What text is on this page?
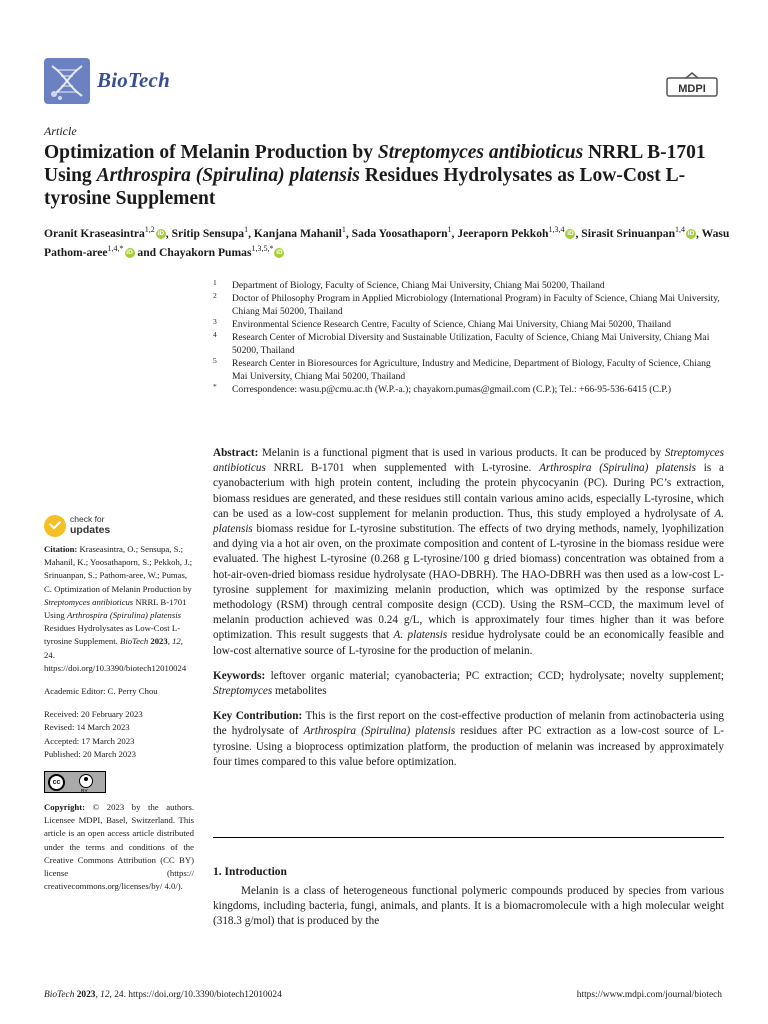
BioTech	MDPI
Article
Optimization of Melanin Production by Streptomyces antibioticus NRRL B-1701 Using Arthrospira (Spirulina) platensis Residues Hydrolysates as Low-Cost L-tyrosine Supplement
Oranit Kraseasintra$^{1,2}$ iD , Sritip Sensupa$^1$, Kanjana Mahanil$^1$, Sada Yoosathaporn$^1$, Jeeraporn Pekkoh$^{1,3,4}$ iD , Sirasit Srinuanpan$^{1,4}$ iD , Wasu Pathom-aree$^{1,4,*}$ iD and Chayakorn Pumas$^{1,3,5,*}$ iD
1 Department of Biology, Faculty of Science, Chiang Mai University, Chiang Mai 50200, Thailand
2 Doctor of Philosophy Program in Applied Microbiology (International Program) in Faculty of Science, Chiang Mai University, Chiang Mai 50200, Thailand
3 Environmental Science Research Centre, Faculty of Science, Chiang Mai University, Chiang Mai 50200, Thailand
4 Research Center of Microbial Diversity and Sustainable Utilization, Faculty of Science, Chiang Mai University, Chiang Mai 50200, Thailand
5 Research Center in Bioresources for Agriculture, Industry and Medicine, Department of Biology, Faculty of Science, Chiang Mai University, Chiang Mai 50200, Thailand
* Correspondence: wasu.p@cmu.ac.th (W.P.-a.); chayakorn.pumas@gmail.com (C.P.); Tel.: +66-95-536-6415 (C.P.)
check for
updates
Citation: Kraseasintra, O.; Sensupa, S.; Mahanil, K.; Yoosathaporn, S.; Pekkoh, J.; Srinuanpan, S.; Pathom-aree, W.; Pumas, C. Optimization of Melanin Production by Streptomyces antibioticus NRRL B-1701 Using Arthrospira (Spirulina) platensis Residues Hydrolysates as Low-Cost L-tyrosine Supplement. BioTech 2023, 12, 24. https://doi.org/10.3390/biotech12010024
Academic Editor: C. Perry Chou
Received: 20 February 2023
Revised: 14 March 2023
Accepted: 17 March 2023
Published: 20 March 2023
cc
BY
Copyright: © 2023 by the authors. Licensee MDPI, Basel, Switzerland. This article is an open access article distributed under the terms and conditions of the Creative Commons Attribution (CC BY) license (https:// creativecommons.org/licenses/by/ 4.0/).
Abstract: Melanin is a functional pigment that is used in various products. It can be produced by Streptomyces antibioticus NRRL B-1701 when supplemented with L-tyrosine. Arthrospira (Spirulina) platensis is a cyanobacterium with high protein content, including the protein phycocyanin (PC). During PC’s extraction, biomass residues are generated, and these residues still contain various amino acids, especially L-tyrosine, which can be used as a low-cost supplement for melanin production. Thus, this study employed a hydrolysate of A. platensis biomass residue for L-tyrosine substitution. The effects of two drying methods, namely, lyophilization and dying via a hot air oven, on the proximate composition and content of L-tyrosine in the biomass residue were evaluated. The highest L-tyrosine (0.268 g L-tyrosine/100 g dried biomass) concentration was obtained from a hot-air-oven-dried biomass residue hydrolysate (HAO-DBRH). The HAO-DBRH was then used as a low-cost L-tyrosine supplement for maximizing melanin production, which was optimized by the response surface methodology (RSM) through central composite design (CCD). Using the RSM–CCD, the maximum level of melanin production achieved was 0.24 g/L, which is approximately four times higher than it was before optimization. This result suggests that A. platensis residue hydrolysate could be an economically feasible and low-cost alternative source of L-tyrosine for the production of melanin.
Keywords: leftover organic material; cyanobacteria; PC extraction; CCD; hydrolysate; novelty supplement; Streptomyces metabolites
Key Contribution: This is the first report on the cost-effective production of melanin from actinobacteria using the hydrolysate of Arthrospira (Spirulina) platensis residues after PC extraction as a low-cost source of L-tyrosine. Using a bioprocess optimization platform, the production of melanin was increased by approximately four times compared to this value before optimization.
1. Introduction
Melanin is a class of heterogeneous functional polymeric compounds produced by species from various kingdoms, including bacteria, fungi, animals, and plants. It is a biomacromolecule with a high molecular weight (318.3 g/mol) that is produced by the
BioTech 2023, 12, 24. https://doi.org/10.3390/biotech12010024	https://www.mdpi.com/journal/biotech
